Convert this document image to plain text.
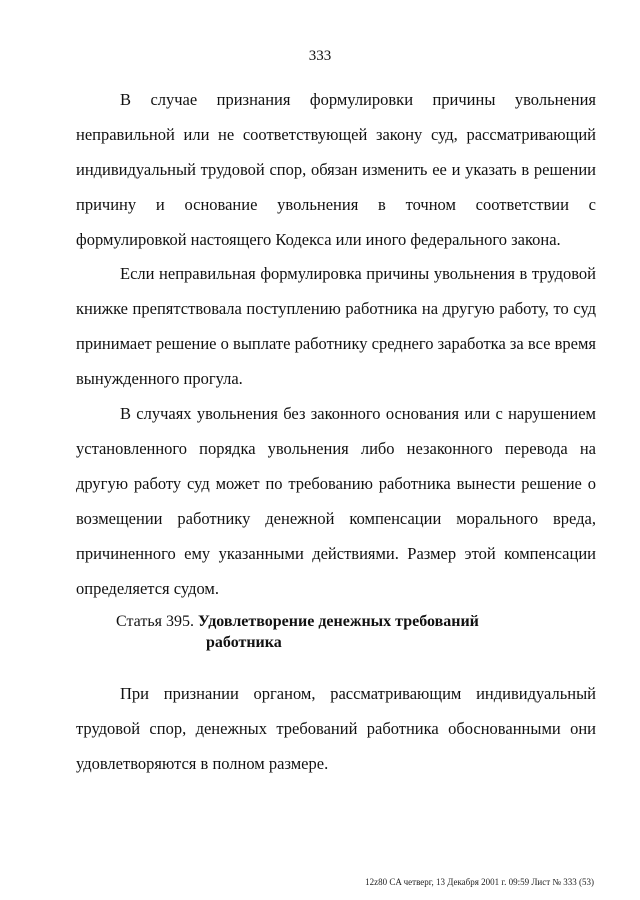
333

В случае признания формулировки причины увольнения неправильной или не соответствующей закону суд, рассматривающий индивидуальный трудовой спор, обязан изменить ее и указать в решении причину и основание увольнения в точном соответствии с формулировкой настоящего Кодекса или иного федерального закона.

Если неправильная формулировка причины увольнения в трудовой книжке препятствовала поступлению работника на другую работу, то суд принимает решение о выплате работнику среднего заработка за все время вынужденного прогула.

В случаях увольнения без законного основания или с нарушением установленного порядка увольнения либо незаконного перевода на другую работу суд может по требованию работника вынести решение о возмещении работнику денежной компенсации морального вреда, причиненного ему указанными действиями. Размер этой компенсации определяется судом.

Статья 395. Удовлетворение денежных требований
работника

При признании органом, рассматривающим индивидуальный трудовой спор, денежных требований работника обоснованными они удовлетворяются в полном размере.

12z80 CA четверг, 13 Декабря 2001 г. 09:59 Лист № 333 (53)
